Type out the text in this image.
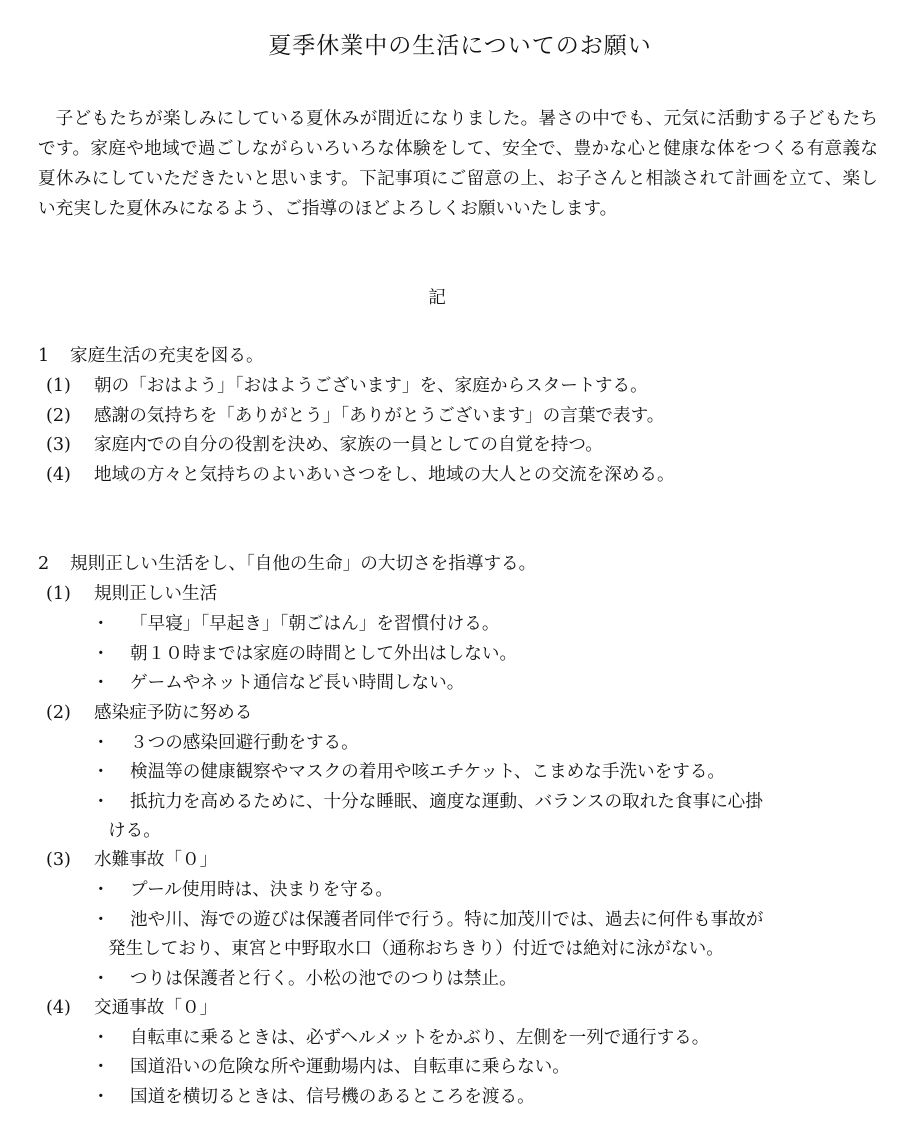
夏季休業中の生活についてのお願い
子どもたちが楽しみにしている夏休みが間近になりました。暑さの中でも、元気に活動する子どもたちです。家庭や地域で過ごしながらいろいろな体験をして、安全で、豊かな心と健康な体をつくる有意義な夏休みにしていただきたいと思います。下記事項にご留意の上、お子さんと相談されて計画を立て、楽しい充実した夏休みになるよう、ご指導のほどよろしくお願いいたします。
記
1 家庭生活の充実を図る。
(1) 朝の「おはよう」「おはようございます」を、家庭からスタートする。
(2) 感謝の気持ちを「ありがとう」「ありがとうございます」の言葉で表す。
(3) 家庭内での自分の役割を決め、家族の一員としての自覚を持つ。
(4) 地域の方々と気持ちのよいあいさつをし、地域の大人との交流を深める。
2 規則正しい生活をし、「自他の生命」の大切さを指導する。
(1) 規則正しい生活
・ 「早寝」「早起き」「朝ごはん」を習慣付ける。
・ 朝１０時までは家庭の時間として外出はしない。
・ ゲームやネット通信など長い時間しない。
(2) 感染症予防に努める
・ ３つの感染回避行動をする。
・ 検温等の健康観察やマスクの着用や咳エチケット、こまめな手洗いをする。
・ 抵抗力を高めるために、十分な睡眠、適度な運動、バランスの取れた食事に心掛
ける。
(3) 水難事故「０」
・ プール使用時は、決まりを守る。
・ 池や川、海での遊びは保護者同伴で行う。特に加茂川では、過去に何件も事故が
発生しており、東宮と中野取水口（通称おちきり）付近では絶対に泳がない。
・ つりは保護者と行く。小松の池でのつりは禁止。
(4) 交通事故「０」
・ 自転車に乗るときは、必ずヘルメットをかぶり、左側を一列で通行する。
・ 国道沿いの危険な所や運動場内は、自転車に乗らない。
・ 国道を横切るときは、信号機のあるところを渡る。
